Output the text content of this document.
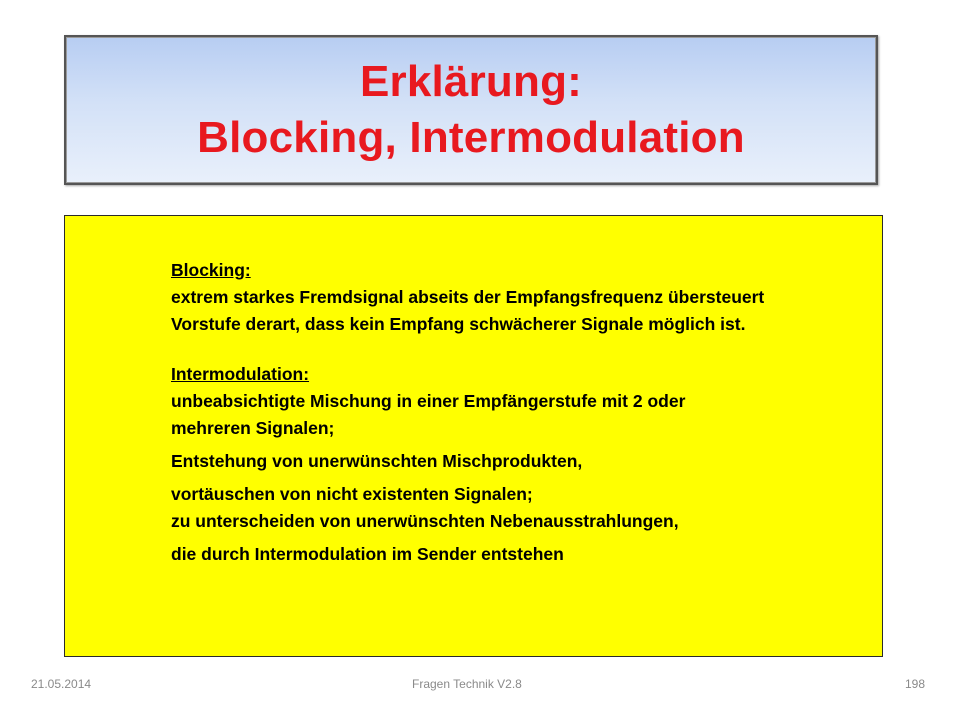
Erklärung:
Blocking, Intermodulation
Blocking:
extrem starkes Fremdsignal abseits der Empfangsfrequenz übersteuert
Vorstufe derart, dass kein Empfang schwächerer Signale möglich ist.
Intermodulation:
unbeabsichtigte Mischung in einer Empfängerstufe mit 2 oder
mehreren Signalen;
Entstehung von unerwünschten Mischprodukten,
vortäuschen von nicht existenten Signalen;
zu unterscheiden von unerwünschten Nebenausstrahlungen,
die durch Intermodulation im Sender entstehen
21.05.2014	Fragen Technik V2.8	198
